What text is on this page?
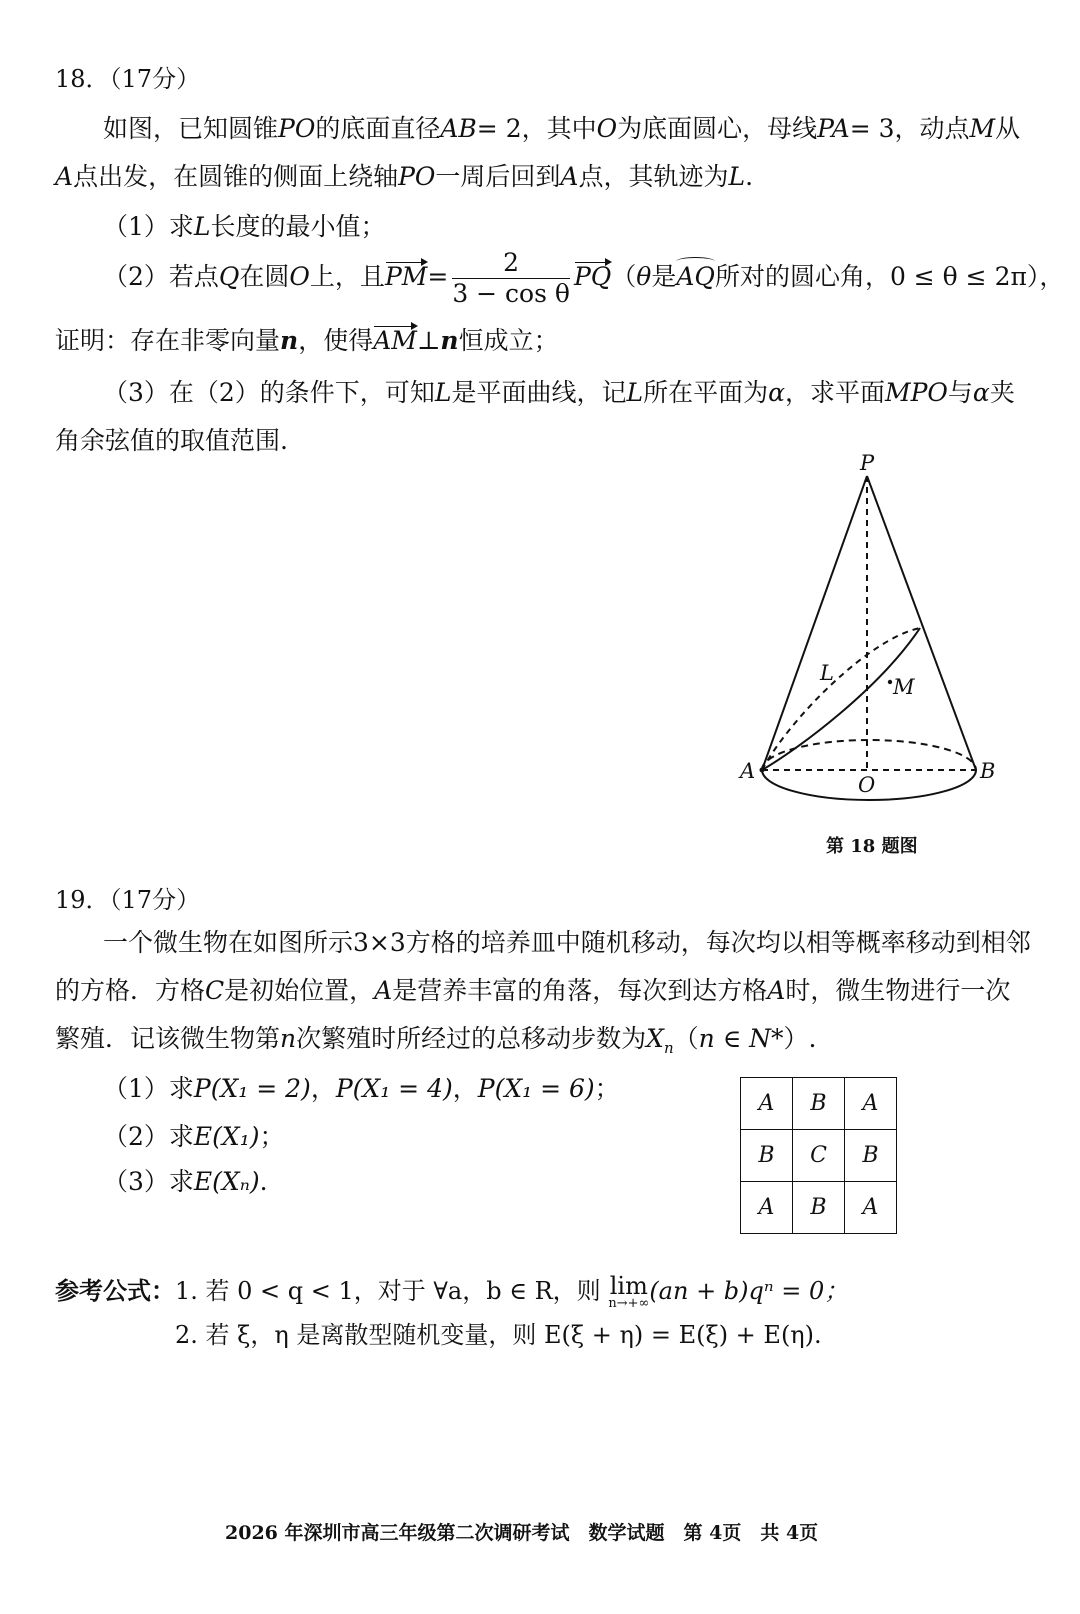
18．（17分）
如图，已知圆锥PO的底面直径AB= 2，其中O为底面圆心，母线PA= 3，动点M从
A点出发，在圆锥的侧面上绕轴PO一周后回到A点，其轨迹为L.
（1）求L长度的最小值；
（2）若点Q在圆O上，且$PM= \frac{2}{\text{3 − cos θ}} PQ(\theta$是AQ所对的圆心角，0 ≤ θ ≤ 2π），
证明：存在非零向量n，使得AM⊥n恒成立；
（3）在（2）的条件下，可知L是平面曲线，记L所在平面为α，求平面MPO与α夹
角余弦值的取值范围.
P
A	B
O
L
M
第 18 题图
19．（17分）
一个微生物在如图所示3×3方格的培养皿中随机移动，每次均以相等概率移动到相邻
的方格．方格C是初始位置，A是营养丰富的角落，每次到达方格A时，微生物进行一次
繁殖．记该微生物第n次繁殖时所经过的总移动步数为$X_n(n$ ∈ N*）.
（1）求P(X₁ = 2)，P(X₁ = 4)，P(X₁ = 6)；
（2）求E(X₁)；
（3）求E(Xₙ).
A	B	A
B	C	B
A	B	A
参考公式：1. 若 0 < q < 1，对于 ∀a，b ∈ R，则 lim
n→+∞ (an + b)qⁿ = 0；
2. 若 ξ，η 是离散型随机变量，则 E(ξ + η) = E(ξ) + E(η).
2026 年深圳市高三年级第二次调研考试　数学试题　第 4页　共 4页
